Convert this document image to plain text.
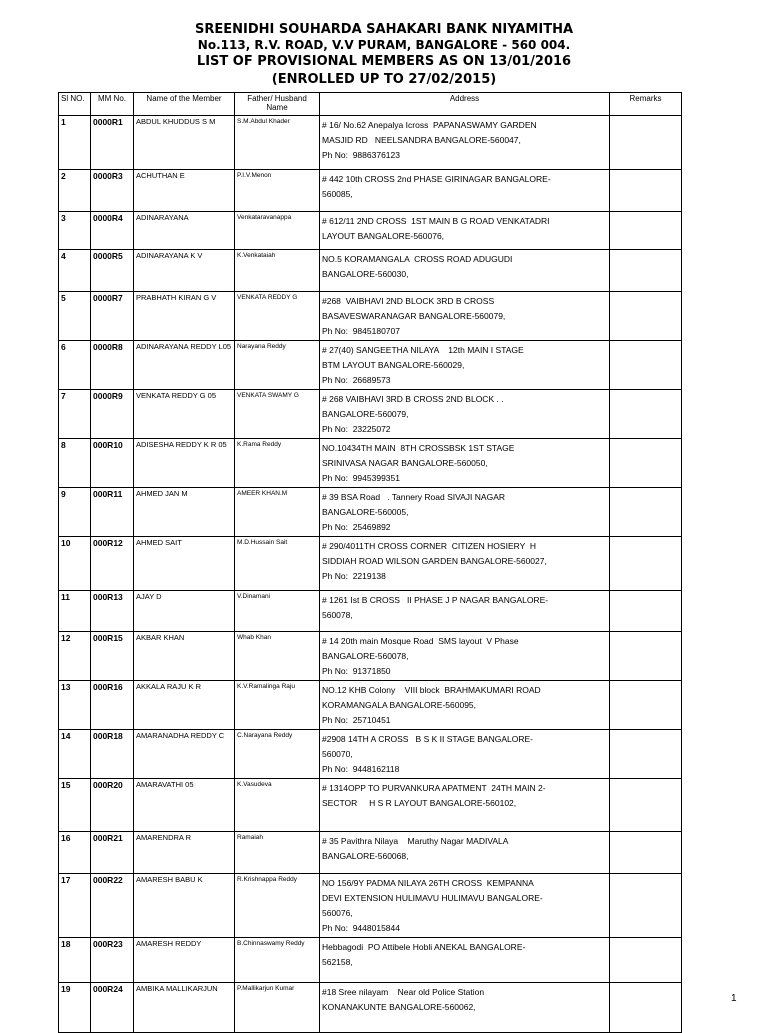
SREENIDHI SOUHARDA SAHAKARI BANK NIYAMITHA
No.113, R.V. ROAD, V.V PURAM, BANGALORE - 560 004.
LIST OF PROVISIONAL MEMBERS AS ON 13/01/2016
(ENROLLED UP TO 27/02/2015)
Sl NO.	MM No.	Name of the Member	Father/ Husband Name	Address	Remarks
1	0000R1	ABDUL KHUDDUS S M	S.M.Abdul Khader	# 16/ No.62 Anepalya Icross  PAPANASWAMY GARDEN
MASJID RD   NEELSANDRA BANGALORE-560047,
Ph No:  9886376123	

2	0000R3	ACHUTHAN E	P.I.V.Menon	# 442 10th CROSS 2nd PHASE GIRINAGAR BANGALORE-
560085,	

3	0000R4	ADINARAYANA	Venkataravanappa	# 612/11 2ND CROSS  1ST MAIN B G ROAD VENKATADRI
LAYOUT BANGALORE-560076,	

4	0000R5	ADINARAYANA K V	K.Venkataiah	NO.5 KORAMANGALA  CROSS ROAD ADUGUDI
BANGALORE-560030,	

5	0000R7	PRABHATH KIRAN G V	VENKATA REDDY G	#268  VAIBHAVI 2ND BLOCK 3RD B CROSS
BASAVESWARANAGAR BANGALORE-560079,
Ph No:  9845180707	

6	0000R8	ADINARAYANA REDDY L05	Narayana Reddy	# 27(40) SANGEETHA NILAYA    12th MAIN I STAGE
BTM LAYOUT BANGALORE-560029,
Ph No:  26689573	

7	0000R9	VENKATA REDDY G 05	VENKATA SWAMY G	# 268 VAIBHAVI 3RD B CROSS 2ND BLOCK . .
BANGALORE-560079,
Ph No:  23225072	

8	000R10	ADISESHA REDDY K R 05	K.Rama Reddy	NO.10434TH MAIN  8TH CROSSBSK 1ST STAGE
SRINIVASA NAGAR BANGALORE-560050,
Ph No:  9945399351	

9	000R11	AHMED JAN M	AMEER KHAN.M	# 39 BSA Road   . Tannery Road SIVAJI NAGAR
BANGALORE-560005,
Ph No:  25469892	

10	000R12	AHMED SAIT	M.D.Hussain Sait	# 290/4011TH CROSS CORNER  CITIZEN HOSIERY  H
SIDDIAH ROAD WILSON GARDEN BANGALORE-560027,
Ph No:  2219138	

11	000R13	AJAY D	V.Dinamani	# 1261 Ist B CROSS   II PHASE J P NAGAR BANGALORE-
560078,	

12	000R15	AKBAR KHAN	Whab Khan	# 14 20th main Mosque Road  SMS layout  V Phase
BANGALORE-560078,
Ph No:  91371850	

13	000R16	AKKALA RAJU K R	K.V.Ramalinga Raju	NO.12 KHB Colony    VIII block  BRAHMAKUMARI ROAD
KORAMANGALA BANGALORE-560095,
Ph No:  25710451	

14	000R18	AMARANADHA REDDY C	C.Narayana Reddy	#2908 14TH A CROSS   B S K II STAGE BANGALORE-
560070,
Ph No:  9448162118	

15	000R20	AMARAVATHI 05	K.Vasudeva	# 1314OPP TO PURVANKURA APATMENT  24TH MAIN 2-
SECTOR     H S R LAYOUT BANGALORE-560102,	

16	000R21	AMARENDRA R	Ramaiah	# 35 Pavithra Nilaya    Maruthy Nagar MADIVALA
BANGALORE-560068,	

17	000R22	AMARESH BABU K	R.Krishnappa Reddy	NO 156/9Y PADMA NILAYA 26TH CROSS  KEMPANNA
DEVI EXTENSION HULIMAVU HULIMAVU BANGALORE-
560076,
Ph No:  9448015844	

18	000R23	AMARESH REDDY	B.Chinnaswamy Reddy	Hebbagodi  PO Attibele Hobli ANEKAL BANGALORE-
562158,	

19	000R24	AMBIKA MALLIKARJUN	P.Mallikarjun Kumar	#18 Sree nilayam    Near old Police Station
KONANAKUNTE BANGALORE-560062,	

1
